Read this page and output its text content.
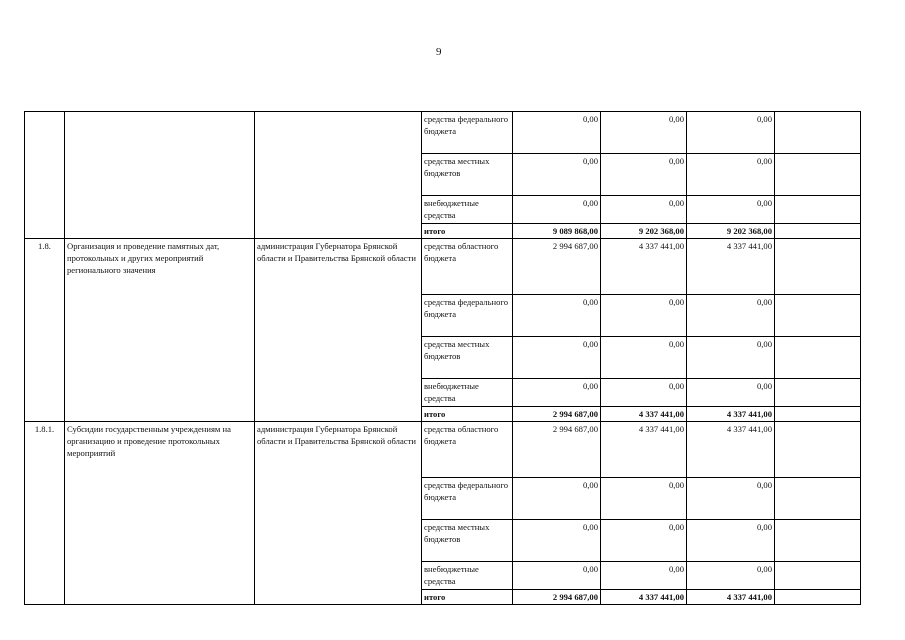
9
			средства федерального бюджета	0,00	0,00	0,00	
			средства местных бюджетов	0,00	0,00	0,00	
			внебюджетные средства	0,00	0,00	0,00	
			итого	9 089 868,00	9 202 368,00	9 202 368,00	
1.8.	Организация и проведение памятных дат, протокольных и других мероприятий регионального значения	администрация Губернатора Брянской области и Правительства Брянской области	средства областного бюджета	2 994 687,00	4 337 441,00	4 337 441,00	
			средства федерального бюджета	0,00	0,00	0,00	
			средства местных бюджетов	0,00	0,00	0,00	
			внебюджетные средства	0,00	0,00	0,00	
			итого	2 994 687,00	4 337 441,00	4 337 441,00	
1.8.1.	Субсидии государственным учреждениям на организацию и проведение протокольных мероприятий	администрация Губернатора Брянской области и Правительства Брянской области	средства областного бюджета	2 994 687,00	4 337 441,00	4 337 441,00	
			средства федерального бюджета	0,00	0,00	0,00	
			средства местных бюджетов	0,00	0,00	0,00	
			внебюджетные средства	0,00	0,00	0,00	
			итого	2 994 687,00	4 337 441,00	4 337 441,00	
